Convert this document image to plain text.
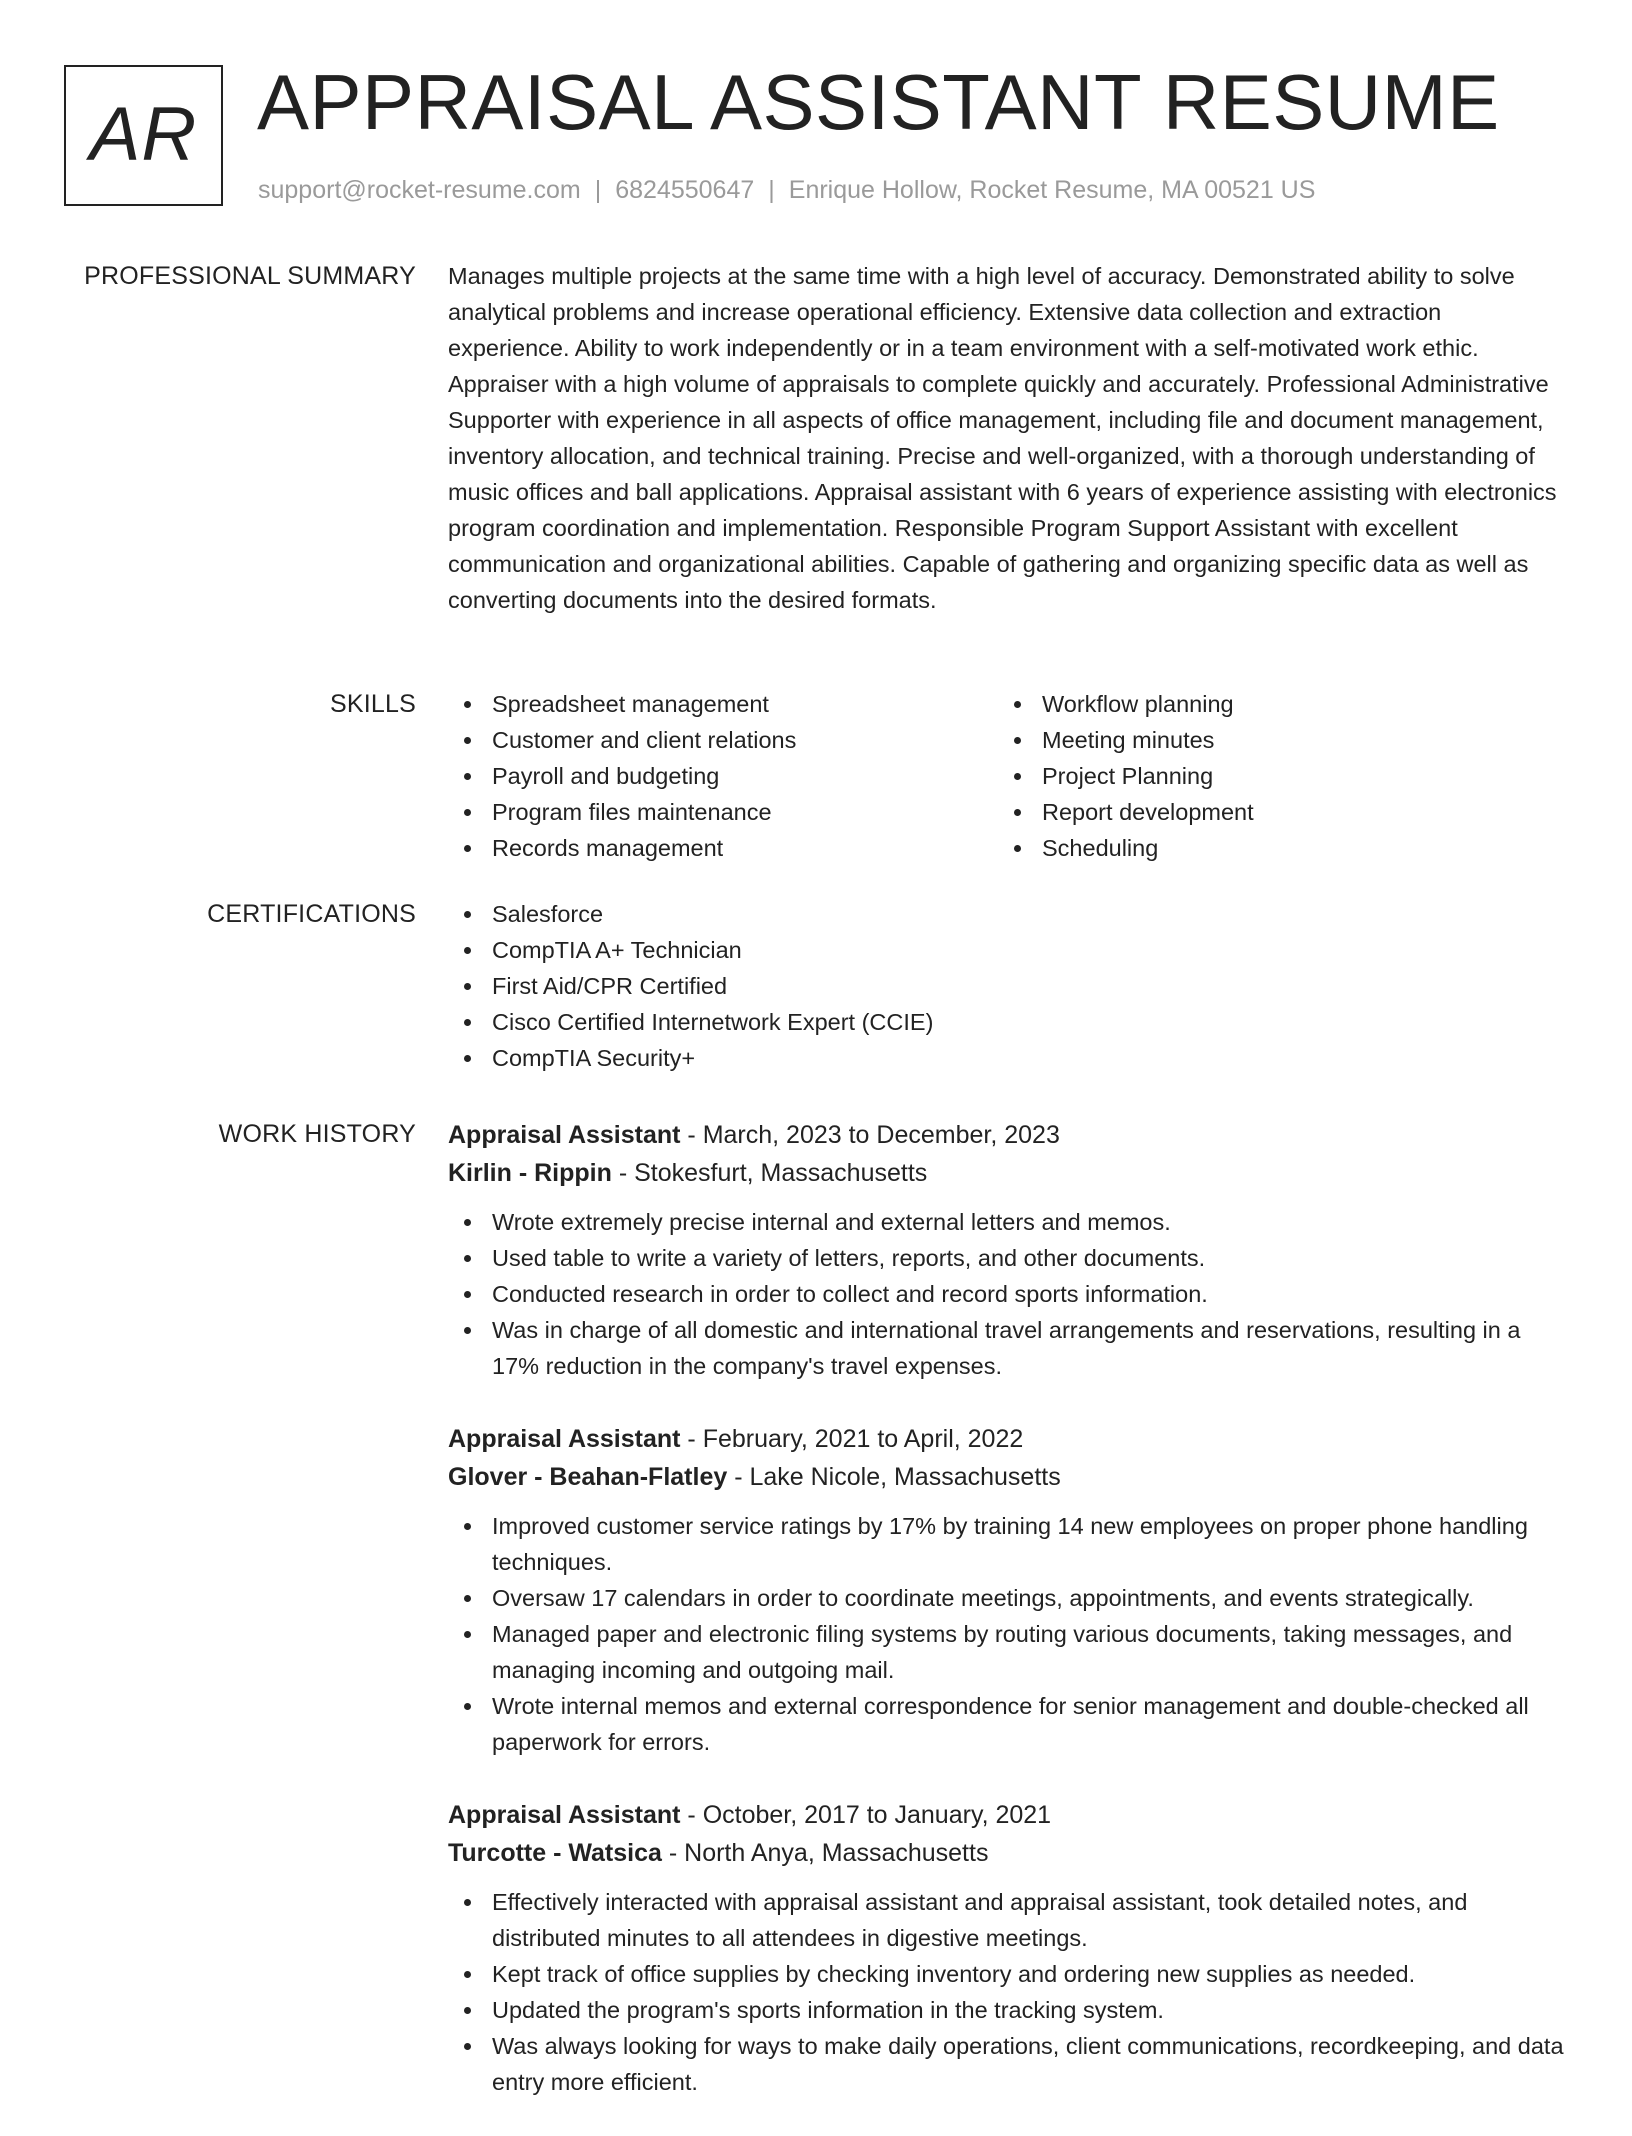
AR APPRAISAL ASSISTANT RESUME
support@rocket-resume.com | 6824550647 | Enrique Hollow, Rocket Resume, MA 00521 US
PROFESSIONAL SUMMARY Manages multiple projects at the same time with a high level of accuracy. Demonstrated ability to solve analytical problems and increase operational efficiency. Extensive data collection and extraction experience. Ability to work independently or in a team environment with a self-motivated work ethic. Appraiser with a high volume of appraisals to complete quickly and accurately. Professional Administrative Supporter with experience in all aspects of office management, including file and document management, inventory allocation, and technical training. Precise and well-organized, with a thorough understanding of music offices and ball applications. Appraisal assistant with 6 years of experience assisting with electronics program coordination and implementation. Responsible Program Support Assistant with excellent communication and organizational abilities. Capable of gathering and organizing specific data as well as converting documents into the desired formats.

SKILLS	Spreadsheet management
Customer and client relations
Payroll and budgeting
Program files maintenance
Records management
Workflow planning
Meeting minutes
Project Planning
Report development
Scheduling
CERTIFICATIONS	Salesforce
CompTIA A+ Technician
First Aid/CPR Certified
Cisco Certified Internetwork Expert (CCIE)
CompTIA Security+
WORK HISTORY Appraisal Assistant - March, 2023 to December, 2023

Kirlin - Rippin - Stokesfurt, Massachusetts

Wrote extremely precise internal and external letters and memos.
Used table to write a variety of letters, reports, and other documents.
Conducted research in order to collect and record sports information.
Was in charge of all domestic and international travel arrangements and reservations, resulting in a 17% reduction in the company's travel expenses.

Appraisal Assistant - February, 2021 to April, 2022

Glover - Beahan-Flatley - Lake Nicole, Massachusetts

Improved customer service ratings by 17% by training 14 new employees on proper phone handling techniques.
Oversaw 17 calendars in order to coordinate meetings, appointments, and events strategically.
Managed paper and electronic filing systems by routing various documents, taking messages, and managing incoming and outgoing mail.
Wrote internal memos and external correspondence for senior management and double-checked all paperwork for errors.

Appraisal Assistant - October, 2017 to January, 2021

Turcotte - Watsica - North Anya, Massachusetts

Effectively interacted with appraisal assistant and appraisal assistant, took detailed notes, and distributed minutes to all attendees in digestive meetings.
Kept track of office supplies by checking inventory and ordering new supplies as needed.
Updated the program's sports information in the tracking system.
Was always looking for ways to make daily operations, client communications, recordkeeping, and data entry more efficient.
